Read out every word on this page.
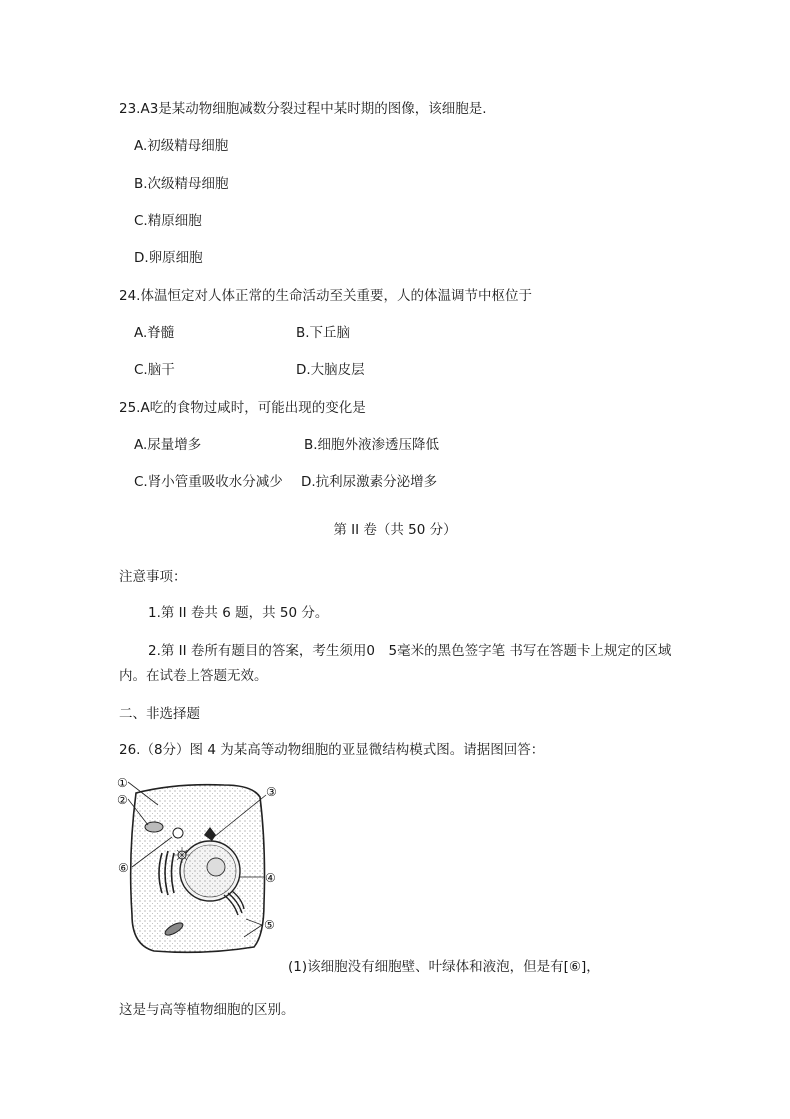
23.A3是某动物细胞减数分裂过程中某时期的图像，该细胞是.
A.初级精母细胞
B.次级精母细胞
C.精原细胞
D.卵原细胞
24.体温恒定对人体正常的生命活动至关重要，人的体温调节中枢位于
A.脊髓	B.下丘脑
C.脑干	D.大脑皮层
25.A吃的食物过咸时，可能出现的变化是
A.尿量增多	B.细胞外液渗透压降低
C.肾小管重吸收水分减少 D.抗利尿激素分泌增多
第 II 卷（共 50 分）
注意事项：
1.第 II 卷共 6 题，共 50 分。
2.第 II 卷所有题目的答案，考生须用0　5毫米的黑色签字笔 书写在答题卡上规定的区域内。在试卷上答题无效。
二、非选择题
26.（8分）图 4 为某高等动物细胞的亚显微结构模式图。请据图回答：
①
②
③
④
⑤
⑥
(1)该细胞没有细胞壁、叶绿体和液泡，但是有[⑥]，
这是与高等植物细胞的区别。
